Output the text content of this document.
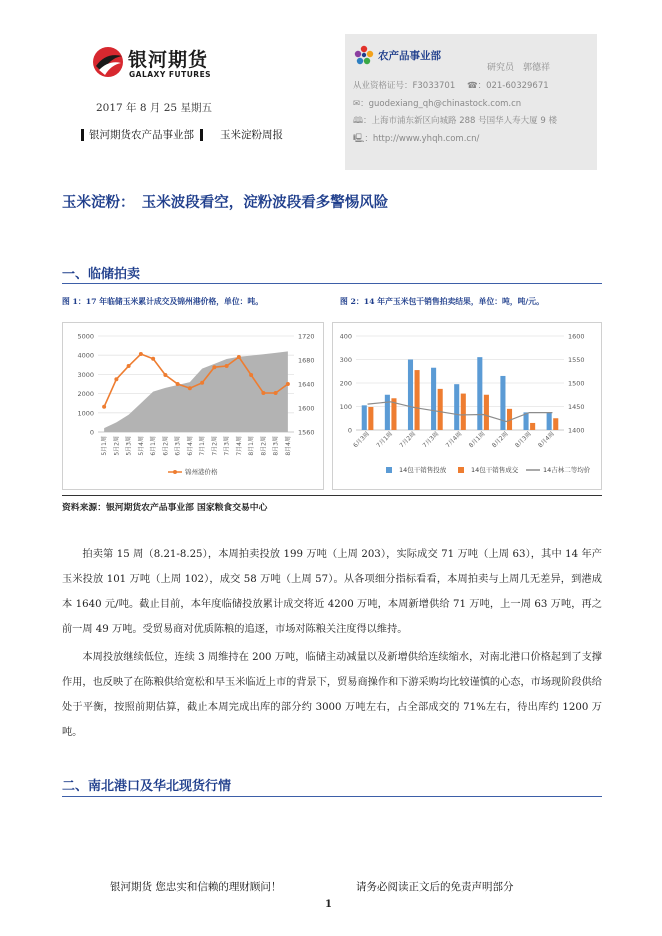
银河期货
GALAXY FUTURES
2017 年 8 月 25 星期五
银河期货农产品事业部 玉米淀粉周报
农产品事业部
研究员　郭德祥
从业资格证号：F3033701 ☎：021-60329671
✉：guodexiang_qh@chinastock.com.cn
🕮：上海市浦东新区向城路 288 号国华人寿大厦 9 楼
🖳：http://www.yhqh.com.cn/
玉米淀粉：　玉米波段看空，淀粉波段看多警惕风险
一、临储拍卖
图 1：17 年临储玉米累计成交及锦州港价格，单位：吨。	图 2：14 年产玉米包干销售拍卖结果，单位：吨，吨/元。
5000
4000
3000
2000
1000
0
1720
1680
1640
1600
1560
5月1周 5月2周 5月3周 5月4周 6月1周 6月2周 6月3周 6月4周 7月1周 7月2周 7月3周 7月4周 8月1周 8月2周 8月3周 8月4周
锦州港价格
400
300
200
100
0
1600
1550
1500
1450
1400
6月3周 7月1周 7月2周 7月3周 7月4周 8月1周 8月2周 8月3周 8月4周
14包干销售投放	14包干销售成交	14吉林二等均价
资料来源：银河期货农产品事业部 国家粮食交易中心

拍卖第 15 周（8.21-8.25），本周拍卖投放 199 万吨（上周 203），实际成交 71 万吨（上周 63），其中 14 年产玉米投放 101 万吨（上周 102），成交 58 万吨（上周 57）。从各项细分指标看看，本周拍卖与上周几无差异，到港成本 1640 元/吨。截止目前，本年度临储投放累计成交将近 4200 万吨，本周新增供给 71 万吨，上一周 63 万吨，再之前一周 49 万吨。受贸易商对优质陈粮的追逐，市场对陈粮关注度得以维持。

本周投放继续低位，连续 3 周维持在 200 万吨，临储主动减量以及新增供给连续缩水，对南北港口价格起到了支撑作用，也反映了在陈粮供给宽松和早玉米临近上市的背景下，贸易商操作和下游采购均比较谨慎的心态，市场现阶段供给处于平衡，按照前期估算，截止本周完成出库的部分约 3000 万吨左右，占全部成交的 71%左右，待出库约 1200 万吨。

二、南北港口及华北现货行情
银河期货 您忠实和信赖的理财顾问！	请务必阅读正文后的免责声明部分
1
